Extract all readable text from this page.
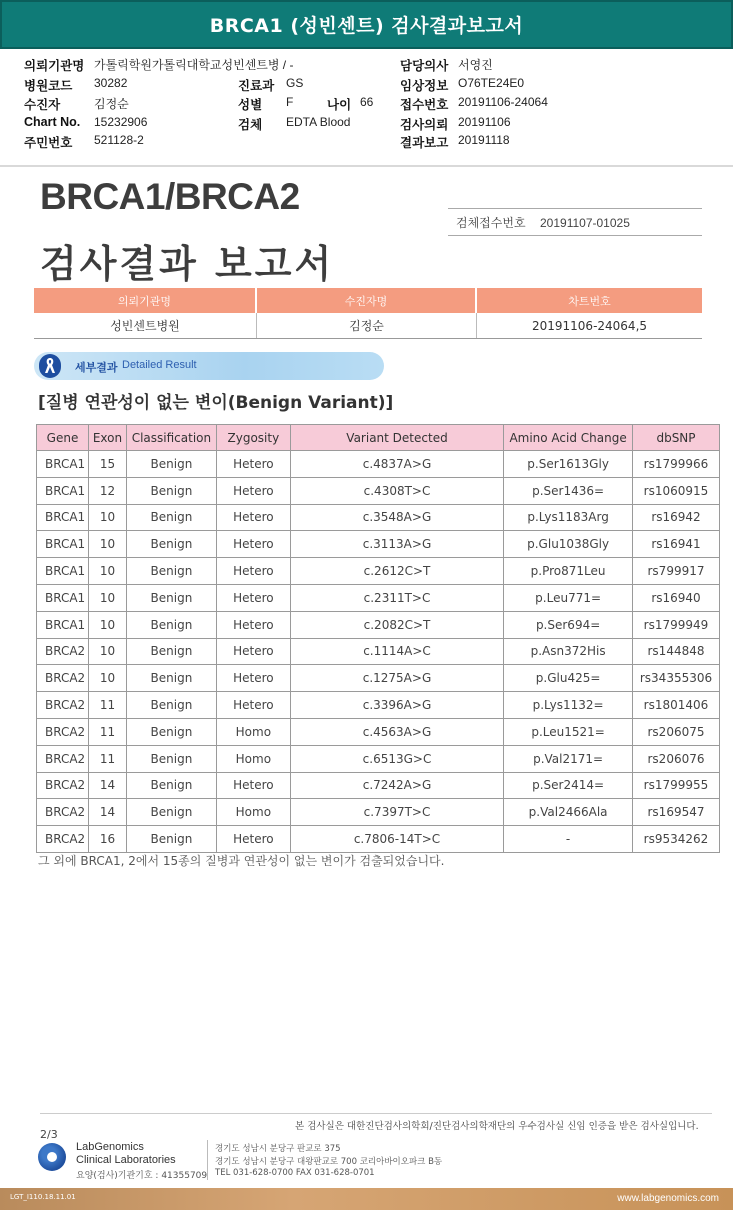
BRCA1 (성빈센트) 검사결과보고서
의뢰기관명 가톨릭학원가톨릭대학교성빈센트병 / -	담당의사 서영진
병원코드 30282	진료과 GS	임상정보 O76TE24E0
수진자	김정순	성별 F	나이 66 접수번호 20191106-24064
Chart No. 15232906	검체 EDTA Blood	검사의뢰 20191106
주민번호 521128-2	결과보고 20191118
BRCA1/BRCA2
검사결과 보고서
검체접수번호 20191107-01025
의뢰기관명	수진자명	차트번호
성빈센트병원	김정순	20191106-24064,5
세부결과 Detailed Result
[질병 연관성이 없는 변이(Benign Variant)]
Gene	Exon	Classification	Zygosity	Variant Detected	Amino Acid Change	dbSNP
BRCA1	15	Benign	Hetero	c.4837A>G	p.Ser1613Gly	rs1799966
BRCA1	12	Benign	Hetero	c.4308T>C	p.Ser1436=	rs1060915
BRCA1	10	Benign	Hetero	c.3548A>G	p.Lys1183Arg	rs16942
BRCA1	10	Benign	Hetero	c.3113A>G	p.Glu1038Gly	rs16941
BRCA1	10	Benign	Hetero	c.2612C>T	p.Pro871Leu	rs799917
BRCA1	10	Benign	Hetero	c.2311T>C	p.Leu771=	rs16940
BRCA1	10	Benign	Hetero	c.2082C>T	p.Ser694=	rs1799949
BRCA2	10	Benign	Hetero	c.1114A>C	p.Asn372His	rs144848
BRCA2	10	Benign	Hetero	c.1275A>G	p.Glu425=	rs34355306
BRCA2	11	Benign	Hetero	c.3396A>G	p.Lys1132=	rs1801406
BRCA2	11	Benign	Homo	c.4563A>G	p.Leu1521=	rs206075
BRCA2	11	Benign	Homo	c.6513G>C	p.Val2171=	rs206076
BRCA2	14	Benign	Hetero	c.7242A>G	p.Ser2414=	rs1799955
BRCA2	14	Benign	Homo	c.7397T>C	p.Val2466Ala	rs169547
BRCA2	16	Benign	Hetero	c.7806-14T>C	-	rs9534262
그 외에 BRCA1, 2에서 15종의 질병과 연관성이 없는 변이가 검출되었습니다.
본 검사실은 대한진단검사의학회/진단검사의학재단의 우수검사실 신임 인증을 받은 검사실입니다.
2/3
LabGenomics
Clinical Laboratories
요양(검사)기관기호 : 41355709
경기도 성남시 분당구 판교로 375
경기도 성남시 분당구 대왕판교로 700 코리아바이오파크 B동
TEL 031-628-0700 FAX 031-628-0701
LGT_I110.18.11.01	www.labgenomics.com
